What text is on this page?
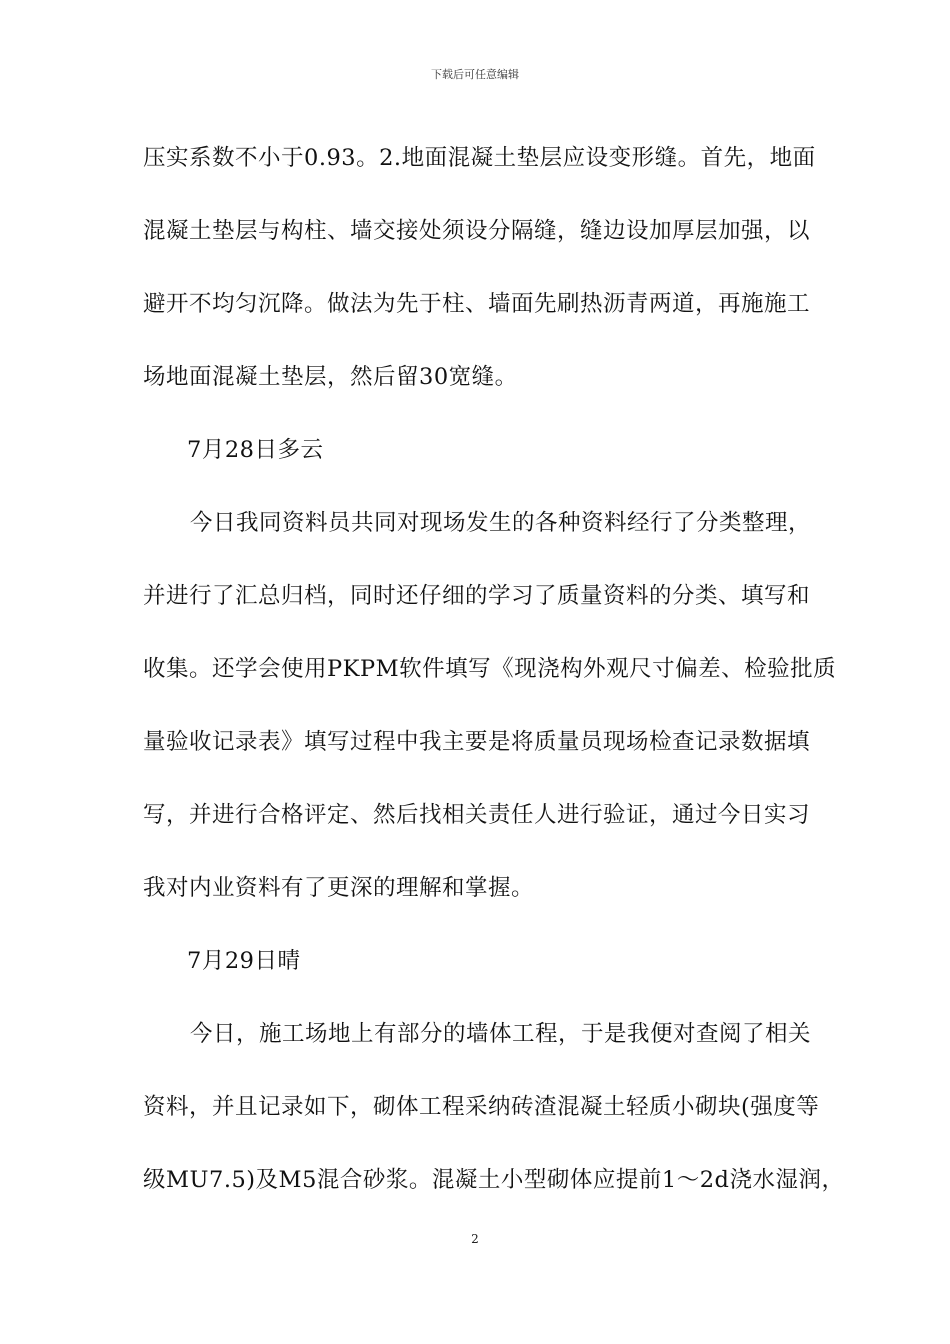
下载后可任意编辑
压实系数不小于0.93。2.地面混凝土垫层应设变形缝。首先，地面
混凝土垫层与构柱、墙交接处须设分隔缝，缝边设加厚层加强，以
避开不均匀沉降。做法为先于柱、墙面先刷热沥青两道，再施施工
场地面混凝土垫层，然后留30宽缝。
7月28日多云
今日我同资料员共同对现场发生的各种资料经行了分类整理，
并进行了汇总归档，同时还仔细的学习了质量资料的分类、填写和
收集。还学会使用PKPM软件填写《现浇构外观尺寸偏差、检验批质
量验收记录表》填写过程中我主要是将质量员现场检查记录数据填
写，并进行合格评定、然后找相关责任人进行验证，通过今日实习
我对内业资料有了更深的理解和掌握。
7月29日晴
今日，施工场地上有部分的墙体工程，于是我便对查阅了相关
资料，并且记录如下，砌体工程采纳砖渣混凝土轻质小砌块(强度等
级MU7.5)及M5混合砂浆。混凝土小型砌体应提前1～2d浇水湿润，
2
